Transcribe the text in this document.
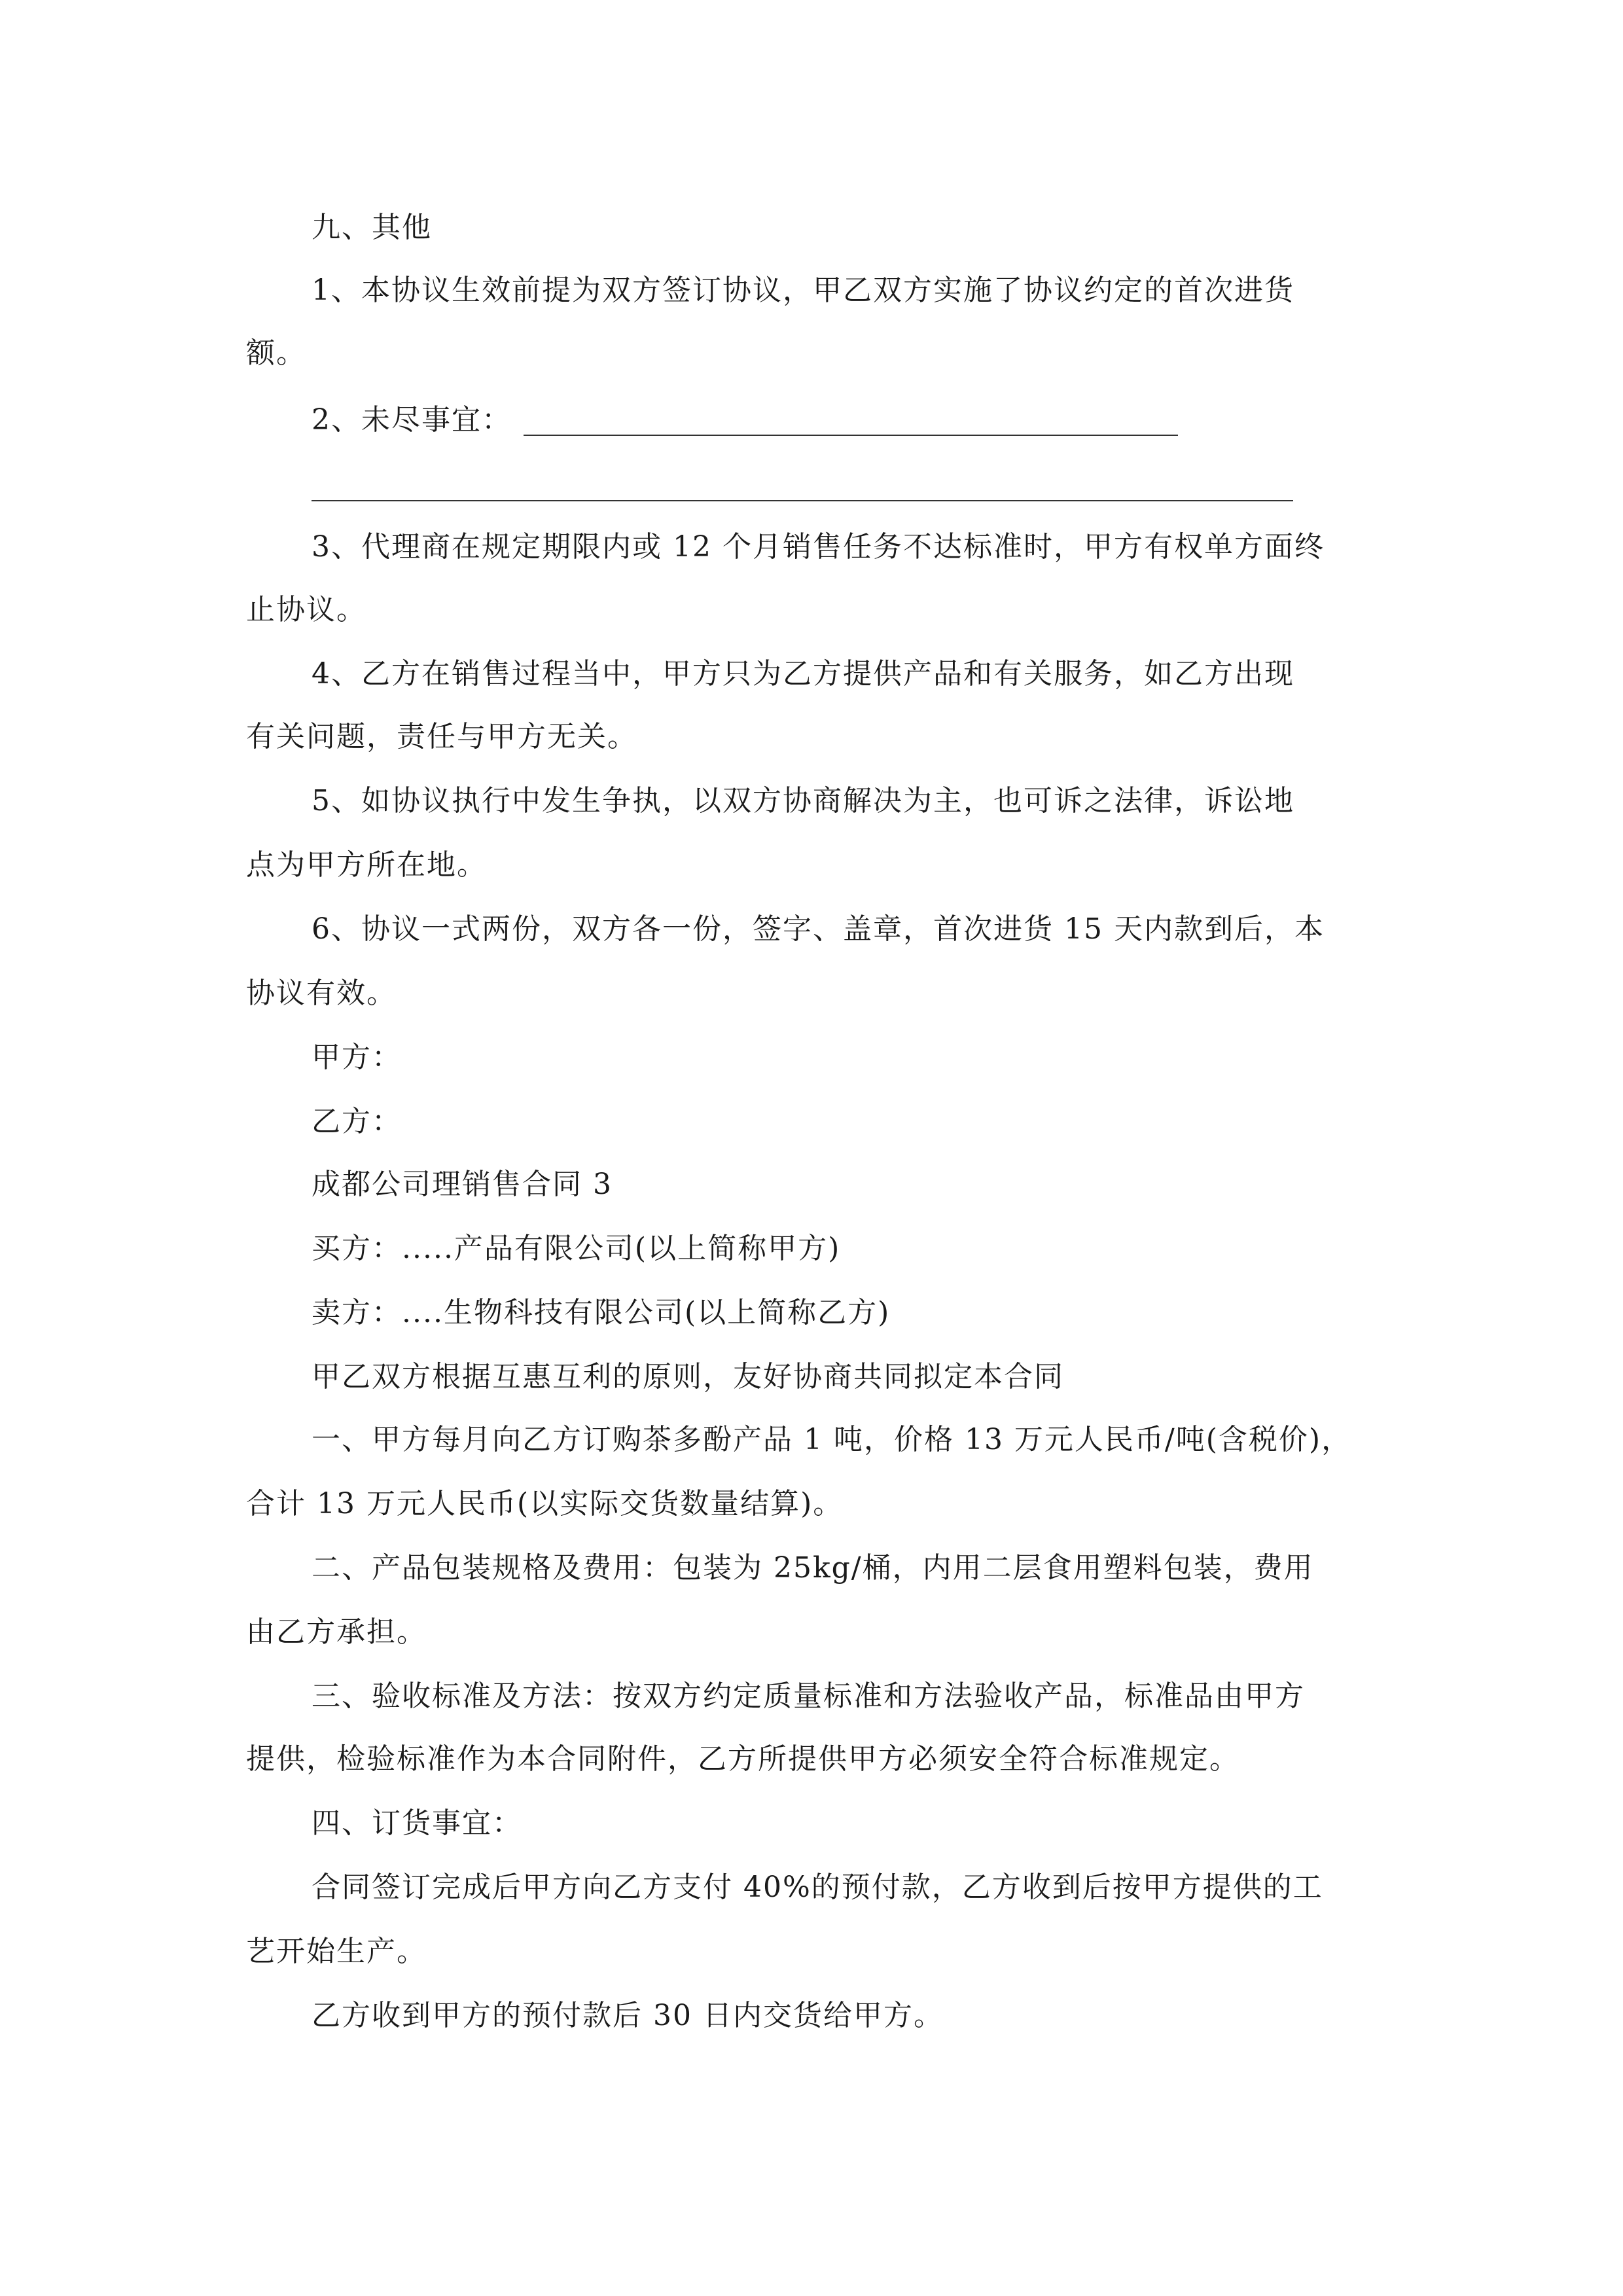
九、其他
1、本协议生效前提为双方签订协议，甲乙双方实施了协议约定的首次进货
额。
2、未尽事宜：
3、代理商在规定期限内或 12 个月销售任务不达标准时，甲方有权单方面终
止协议。
4、乙方在销售过程当中，甲方只为乙方提供产品和有关服务，如乙方出现
有关问题，责任与甲方无关。
5、如协议执行中发生争执，以双方协商解决为主，也可诉之法律，诉讼地
点为甲方所在地。
6、协议一式两份，双方各一份，签字、盖章，首次进货 15 天内款到后，本
协议有效。
甲方：
乙方：
成都公司理销售合同 3
买方：.....产品有限公司(以上简称甲方)
卖方：....生物科技有限公司(以上简称乙方)
甲乙双方根据互惠互利的原则，友好协商共同拟定本合同
一、甲方每月向乙方订购茶多酚产品 1 吨，价格 13 万元人民币/吨(含税价)，
合计 13 万元人民币(以实际交货数量结算)。
二、产品包装规格及费用：包装为 25kg/桶，内用二层食用塑料包装，费用
由乙方承担。
三、验收标准及方法：按双方约定质量标准和方法验收产品，标准品由甲方
提供，检验标准作为本合同附件，乙方所提供甲方必须安全符合标准规定。
四、订货事宜：
合同签订完成后甲方向乙方支付 40%的预付款，乙方收到后按甲方提供的工
艺开始生产。
乙方收到甲方的预付款后 30 日内交货给甲方。
